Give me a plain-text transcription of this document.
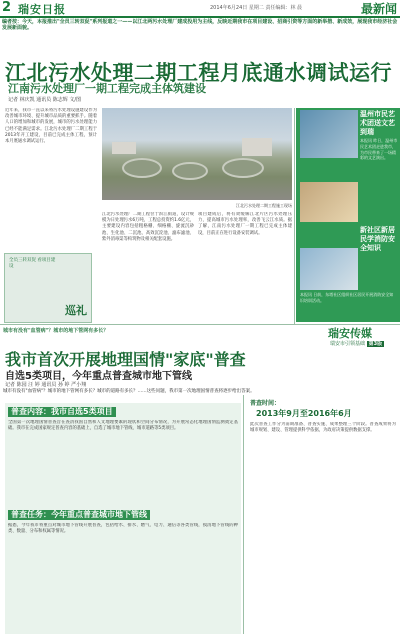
2 瑞安日报	2014年6月24日 星期二 责任编辑：林 晨	最新闻
编者按：今天，本报推出"全员三转双促"系列报道之一——以江北两污水处理厂建成投用为主线，反映近期我市在项目建设、招商引资等方面的新举措、新成效，展现我市经济社会发展新面貌。
江北污水处理二期工程月底通水调试运行
江南污水处理厂一期工程完成主体筑建设
记者 林庆凯 通讯员 陈志辉 文/图
近年来，我市一直以来将污水处理设施建设作为改善城市环境、提升城市品质的重要抓手。随着人口的增加和城市的发展，城市的污水处理能力已经不能满足需求。江北污水处理厂二期工程于2013年开工建设，目前已完成主体工程，预计本月底通水调试运行。
江北污水处理二期工程施工现场
江北污水处理厂二期工程位于滨江街道，设计规模为日处理污水6万吨，工程总投资约1.6亿元，主要建设内容包括粗格栅、细格栅、旋流沉砂池、生化池、二沉池、高效沉淀池、滤布滤池、紫外消毒渠等构筑物及相关配套设施。
项目建成后，将有效缓解江北片区污水处理压力，提高城市污水处理率，改善飞云江水质。据了解，江南污水处理厂一期工程已完成主体建设，目前正在进行设备安装调试。
全员三转双促 看项目建设
巡礼
温州市民艺术团送文艺到瑞
本报讯 昨日，温州市民艺术团走进我市，为市民带来了一场精彩的文艺演出。
新社区新居民学消防安全知识
本报讯 日前，东塔社区组织社区居民开展消防安全知识培训活动。
城市有没有"血管病"？城市的地下管网有多长？	瑞安传媒
瑞安市引领基础 第3版
我市首次开展地理国情"家底"普查
自选5类项目，今年重点普查城市地下管线
记者 陈园 汪 婷 通讯员 孙 婷 严小翔
城市有没有"血管病"？城市的地下管网有多长？城市的道路有多长？……这些问题，我市第一次地理国情普查将逐步给出答案。
普查内容：我市自选5类项目
全国第一次地理国情普查旨在查清我国自然和人文地理要素的现状和空间分布情况，为开展常态化地理国情监测奠定基础。我市在完成国家规定普查内容的基础上，自选了城市地下管线、城市道路等5类项目。
普查任务：今年重点普查城市地下管线
据悉，今年我市将重点对城市地下管线开展普查，包括给水、排水、燃气、电力、通信等各类管线，摸清地下管线的种类、数量、分布和权属等情况。
普查时间：
2013年9月至2016年6月
此次普查工作分为前期准备、普查实施、成果整理三个阶段。普查成果将为城市规划、建设、管理提供科学依据，为政府决策提供数据支撑。
